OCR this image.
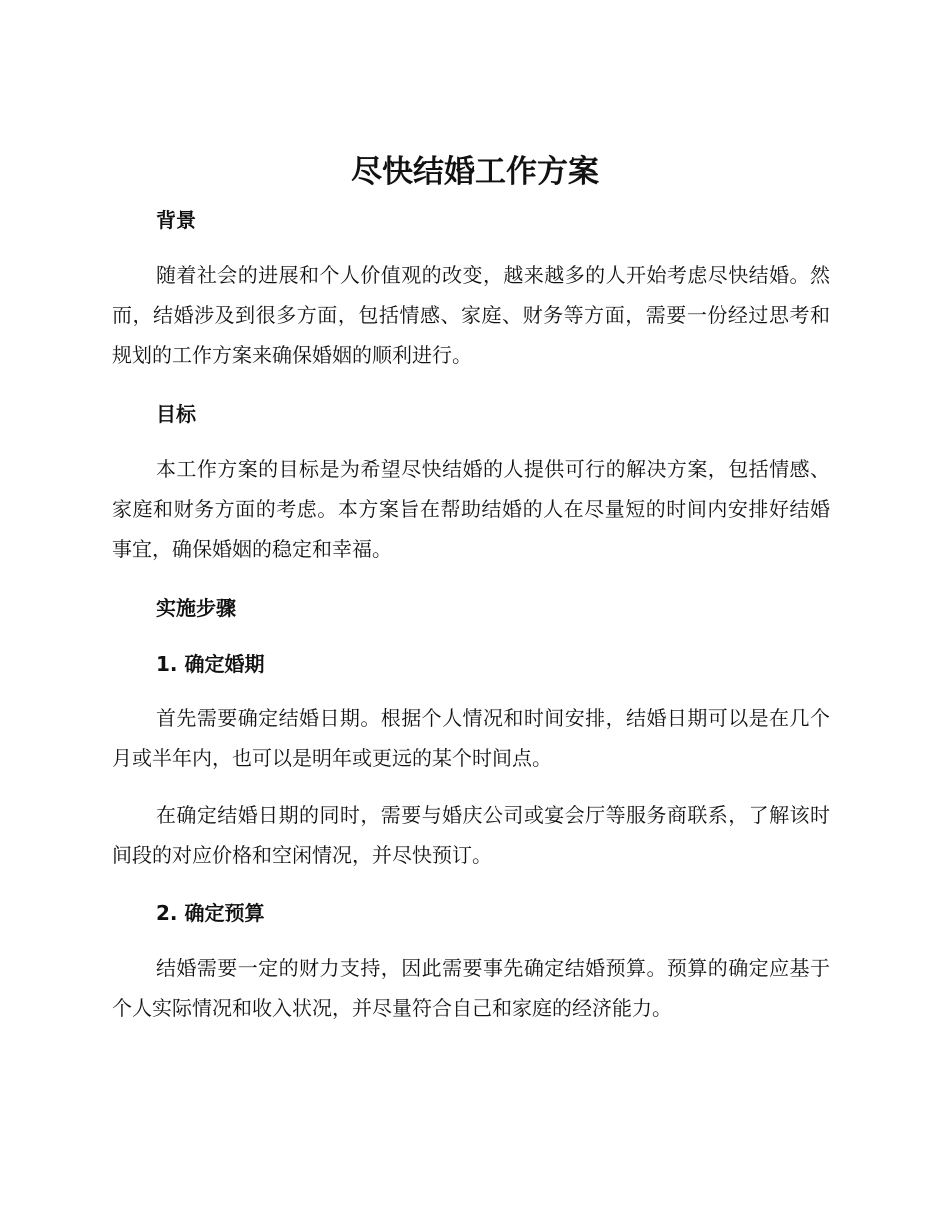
尽快结婚工作方案
背景

随着社会的进展和个人价值观的改变，越来越多的人开始考虑尽快结婚。然而，结婚涉及到很多方面，包括情感、家庭、财务等方面，需要一份经过思考和规划的工作方案来确保婚姻的顺利进行。

目标

本工作方案的目标是为希望尽快结婚的人提供可行的解决方案，包括情感、家庭和财务方面的考虑。本方案旨在帮助结婚的人在尽量短的时间内安排好结婚事宜，确保婚姻的稳定和幸福。

实施步骤
1. 确定婚期

首先需要确定结婚日期。根据个人情况和时间安排，结婚日期可以是在几个月或半年内，也可以是明年或更远的某个时间点。

在确定结婚日期的同时，需要与婚庆公司或宴会厅等服务商联系，了解该时间段的对应价格和空闲情况，并尽快预订。

2. 确定预算

结婚需要一定的财力支持，因此需要事先确定结婚预算。预算的确定应基于个人实际情况和收入状况，并尽量符合自己和家庭的经济能力。
